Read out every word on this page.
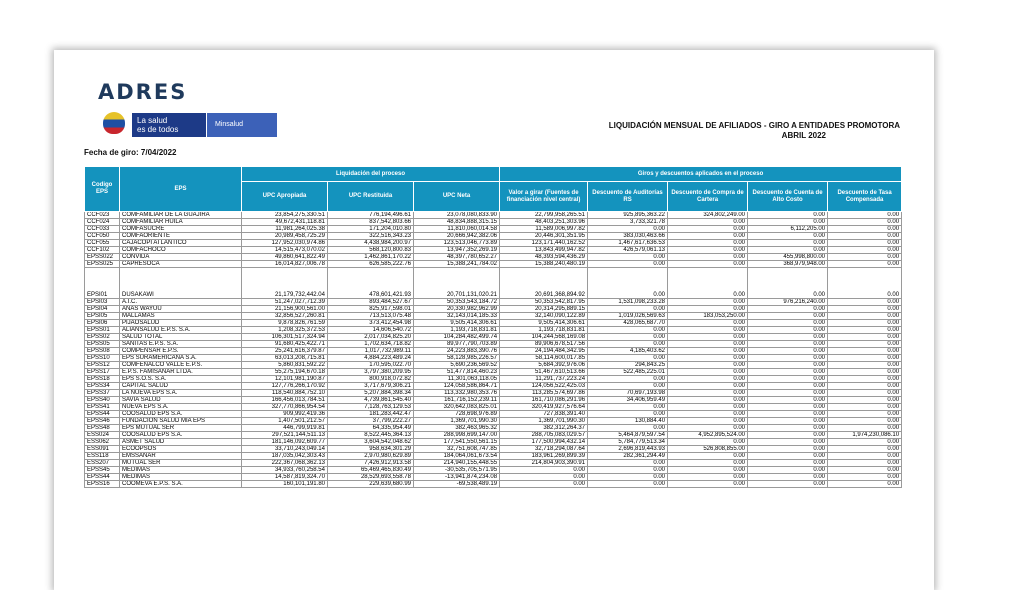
ADRES
La salud
es de todos
Minsalud	LIQUIDACIÓN MENSUAL DE AFILIADOS - GIRO A ENTIDADES PROMOTORA
ABRIL 2022
Fecha de giro: 7/04/2022
Codigo EPS	EPS	Liquidación del proceso			Giros y descuentos aplicados en el proceso				
		UPC Apropiada	UPC Restituida	UPC Neta	Valor a girar (Fuentes de financiación nivel central)	Descuento de Auditorías RS	Descuento de Compra de Cartera	Descuento de Cuenta de Alto Costo	Descuento de Tasa Compensada
CCF023	COMFAMILIAR DE LA GUAJIRA	23,854,275,330.51	776,194,496.61	23,078,080,833.90	22,799,958,265.51	925,895,363.22	324,802,249.00	0.00	0.00
CCF024	COMFAMILIAR HUILA	49,672,431,118.81	837,542,803.66	48,834,888,315.15	48,403,251,303.96	3,733,321.78	0.00	0.00	0.00
CCF033	COMFASUCRE	11,981,264,025.38	171,204,010.80	11,810,060,014.58	11,589,006,997.82	0.00	0.00	6,112,205.00	0.00
CCF050	COMFAORIENTE	20,989,458,725.29	322,516,343.23	20,666,942,382.06	20,446,301,351.95	383,030,463.66	0.00	0.00	0.00
CCF055	CAJACOPI ATLANTICO	127,952,030,974.86	4,438,984,200.97	123,513,046,773.89	123,171,440,162.52	1,467,617,636.53	0.00	0.00	0.00
CCF102	COMFACHOCO	14,515,473,070.02	568,120,800.83	13,947,352,269.19	13,843,499,947.82	426,579,061.13	0.00	0.00	0.00
EPSS022	CONVIDA	49,860,641,822.49	1,462,861,170.22	48,397,780,652.27	48,393,594,436.29	0.00	0.00	455,998,800.00	0.00
EPSS025	CAPRESOCA	16,014,827,006.78	626,585,222.76	15,388,241,784.02	15,388,240,480.19	0.00	0.00	368,979,948.00	0.00
EPSI01	DUSAKAWI	21,179,732,442.04	478,601,421.93	20,701,131,020.21	20,691,368,894.92	0.00	0.00	0.00	0.00
EPSI03	A.I.C.	51,247,027,712.39	893,484,527.67	50,353,543,184.72	50,353,542,817.95	1,531,098,233.28	0.00	976,216,240.00	0.00
EPSI04	ANAS WAYUU	21,156,900,561.00	825,917,598.01	20,330,982,962.99	20,314,295,889.15	0.00	0.00	0.00	0.00
EPSI05	MALLAMAS	32,856,527,260.81	713,513,075.48	32,143,014,185.33	32,140,090,122.89	1,019,026,569.63	183,053,250.00	0.00	0.00
EPSI06	PIJAOSALUD	9,878,826,761.59	373,412,454.98	9,505,414,306.61	9,505,414,306.61	428,065,687.70	0.00	0.00	0.00
EPSS01	ALIANSALUD E.P.S. S.A.	1,208,325,372.53	14,606,540.72	1,193,718,831.81	1,193,718,831.81	0.00	0.00	0.00	0.00
EPSS02	SALUD TOTAL	106,301,517,324.94	2,017,034,825.20	104,284,482,499.74	104,244,568,169.08	0.00	0.00	0.00	0.00
EPSS05	SANITAS E.P.S. S.A.	91,680,425,422.71	1,702,634,718.82	89,977,790,703.89	89,906,678,517.56	0.00	0.00	0.00	0.00
EPSS08	COMPENSAR E.P.S.	25,241,616,379.87	1,017,732,989.11	24,223,883,390.76	24,194,484,342.95	4,185,403.62	0.00	0.00	0.00
EPSS10	EPS SURAMERICANA S.A.	63,013,208,715.81	4,884,223,489.24	58,128,985,226.57	58,114,600,017.85	0.00	0.00	0.00	0.00
EPSS12	COMFENALCO VALLE E.P.S.	5,860,831,592.22	170,595,022.70	5,690,236,569.52	5,684,392,976.06	294,843.25	0.00	0.00	0.00
EPSS17	E.P.S. FAMISANAR LTDA.	55,275,194,670.18	3,797,380,209.95	51,477,814,460.23	51,467,610,513.66	522,485,225.01	0.00	0.00	0.00
EPSS18	EPS S.O.S. S.A.	12,101,981,190.87	800,918,072.82	11,301,063,118.05	11,291,737,223.24	0.00	0.00	0.00	0.00
EPSS34	CAPITAL SALUD	127,776,266,170.92	3,717,679,306.21	124,058,586,864.71	124,056,522,425.03	0.00	0.00	0.00	0.00
EPSS37	LA NUEVA EPS S.A.	118,540,884,752.10	5,207,884,398.34	113,332,980,353.76	113,285,574,697.86	70,697,193.98	0.00	0.00	0.00
EPSS40	SAVIA SALUD	166,456,013,784.51	4,739,861,545.40	161,716,152,239.11	161,710,086,291.96	34,406,959.49	0.00	0.00	0.00
EPSS41	NUEVA EPS S.A.	327,770,866,954.54	7,128,763,129.53	320,642,083,825.01	320,419,927,576.64	0.00	0.00	0.00	0.00
EPSS44	COOSALUD EPS S.A.	909,992,419.36	181,283,442.47	728,698,976.89	727,838,391.40	0.00	0.00	0.00	0.00
EPSS46	FUNDACION SALUD MIA EPS	1,407,501,212.57	37,799,222.27	1,369,701,990.30	1,369,701,990.30	130,884.40	0.00	0.00	0.00
EPSS48	EPS MUTUAL SER	446,799,919.81	64,335,954.49	382,463,965.32	382,312,264.37	0.00	0.00	0.00	0.00
ESS024	COOSALUD EPS S.A.	297,521,144,511.13	8,522,445,364.13	288,998,699,147.00	288,705,083,029.57	5,464,879,597.54	4,952,895,524.00	0.00	1,974,230,086.10
ESS062	ASMET SALUD	181,146,092,609.77	3,604,542,048.62	177,541,550,561.15	177,500,994,432.14	5,784,779,513.34	0.00	0.00	0.00
ESS091	ECOOPSOS	33,710,243,049.14	958,634,301.29	32,751,608,747.85	32,718,294,087.64	2,696,819,443.93	526,808,855.00	0.00	0.00
ESS118	EMSSANAR	187,035,042,303.43	2,970,980,629.89	184,064,061,673.54	183,961,269,899.39	282,361,294.49	0.00	0.00	0.00
ESS207	MUTUAL SER	222,367,068,362.13	7,426,912,913.58	214,940,155,448.55	214,804,903,390.91	0.00	0.00	0.00	0.00
EPSS45	MEDIMAS	34,933,760,258.54	65,469,465,830.49	-30,535,705,571.95	0.00	0.00	0.00	0.00	0.00
EPSS44	MEDIMAS	14,587,819,324.70	28,529,693,558.78	-13,941,874,234.08	0.00	0.00	0.00	0.00	0.00
EPSS16	COOMEVA E.P.S. S.A.	160,101,191.80	229,639,680.99	-69,538,489.19	0.00	0.00	0.00	0.00	0.00
